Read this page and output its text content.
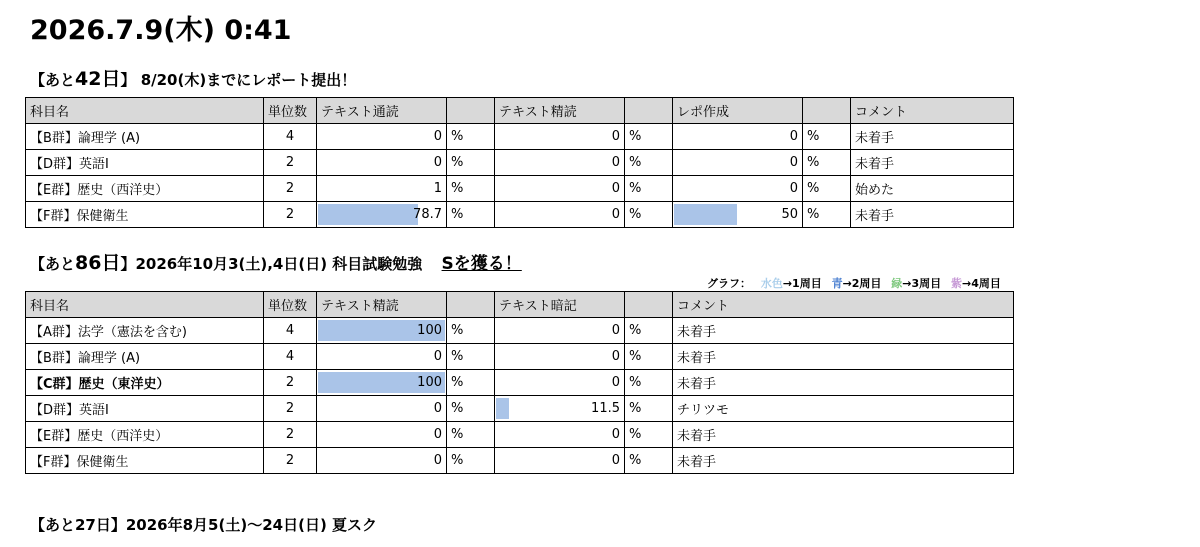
2026.7.9(木) 0:41
【あと42日】 8/20(木)までにレポート提出！
科目名	単位数	テキスト通読		テキスト精読		レポ作成		コメント
【B群】論理学 (A)	4	0	%	0	%	0	%	未着手
【D群】英語Ⅰ	2	0	%	0	%	0	%	未着手
【E群】歴史（西洋史）	2	1	%	0	%	0	%	始めた
【F群】保健衛生	2	78.7	%	0	%	50	%	未着手
【あと86日】2026年10月3(土),4日(日) 科目試験勉強 Sを獲る！
グラフ： 水色→1周目 青→2周目 緑→3周目 紫→4周目
科目名	単位数	テキスト精読		テキスト暗記		コメント
【A群】法学（憲法を含む)	4	100	%	0	%	未着手
【B群】論理学 (A)	4	0	%	0	%	未着手
【C群】歴史（東洋史）	2	100	%	0	%	未着手
【D群】英語Ⅰ	2	0	%	11.5	%	チリツモ
【E群】歴史（西洋史）	2	0	%	0	%	未着手
【F群】保健衛生	2	0	%	0	%	未着手
【あと27日】2026年8月5(土)〜24日(日) 夏スク
